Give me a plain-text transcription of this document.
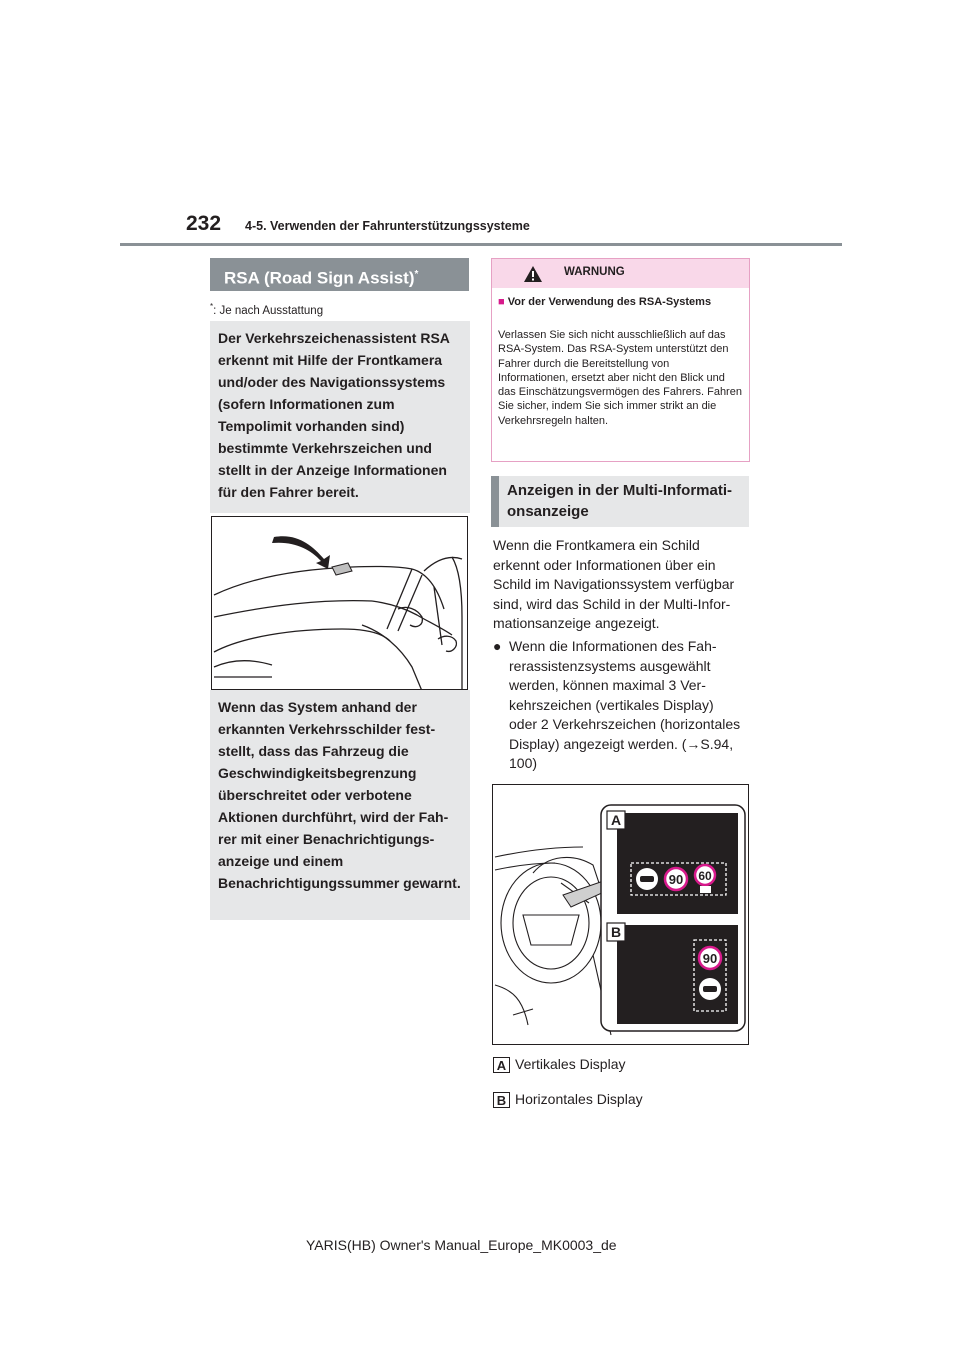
232 4-5. Verwenden der Fahrunterstützungssysteme
RSA (Road Sign Assist)*
*: Je nach Ausstattung
Der Verkehrszeichenassistent RSA erkennt mit Hilfe der Frontkamera und/oder des Navigationssystems (sofern Informationen zum Tempolimit vorhanden sind) bestimmte Verkehrszeichen und stellt in der Anzeige Informationen für den Fahrer bereit.
Wenn das System anhand der erkannten Verkehrsschilder feststellt, dass das Fahrzeug die Geschwindigkeitsbegrenzung überschreitet oder verbotene Aktionen durchführt, wird der Fahrer mit einer Benachrichtigungsanzeige und einem Benachrichtigungssummer gewarnt.
WARNUNG
■ Vor der Verwendung des RSA-Systems
Verlassen Sie sich nicht ausschließlich auf das RSA-System. Das RSA-System unterstützt den Fahrer durch die Bereitstellung von Informationen, ersetzt aber nicht den Blick und das Einschätzungsvermögen des Fahrers. Fahren Sie sicher, indem Sie sich immer strikt an die Verkehrsregeln halten.
Anzeigen in der Multi-Informationsanzeige
Wenn die Frontkamera ein Schild erkennt oder Informationen über ein Schild im Navigationssystem verfügbar sind, wird das Schild in der Multi-Informationsanzeige angezeigt.
● Wenn die Informationen des Fahrerassistenzsystems ausgewählt werden, können maximal 3 Verkehrszeichen (vertikales Display) oder 2 Verkehrszeichen (horizontales Display) angezeigt werden. (→S.94, 100)
90 60
90
A
B
A Vertikales Display
B Horizontales Display
YARIS(HB) Owner's Manual_Europe_MK0003_de
